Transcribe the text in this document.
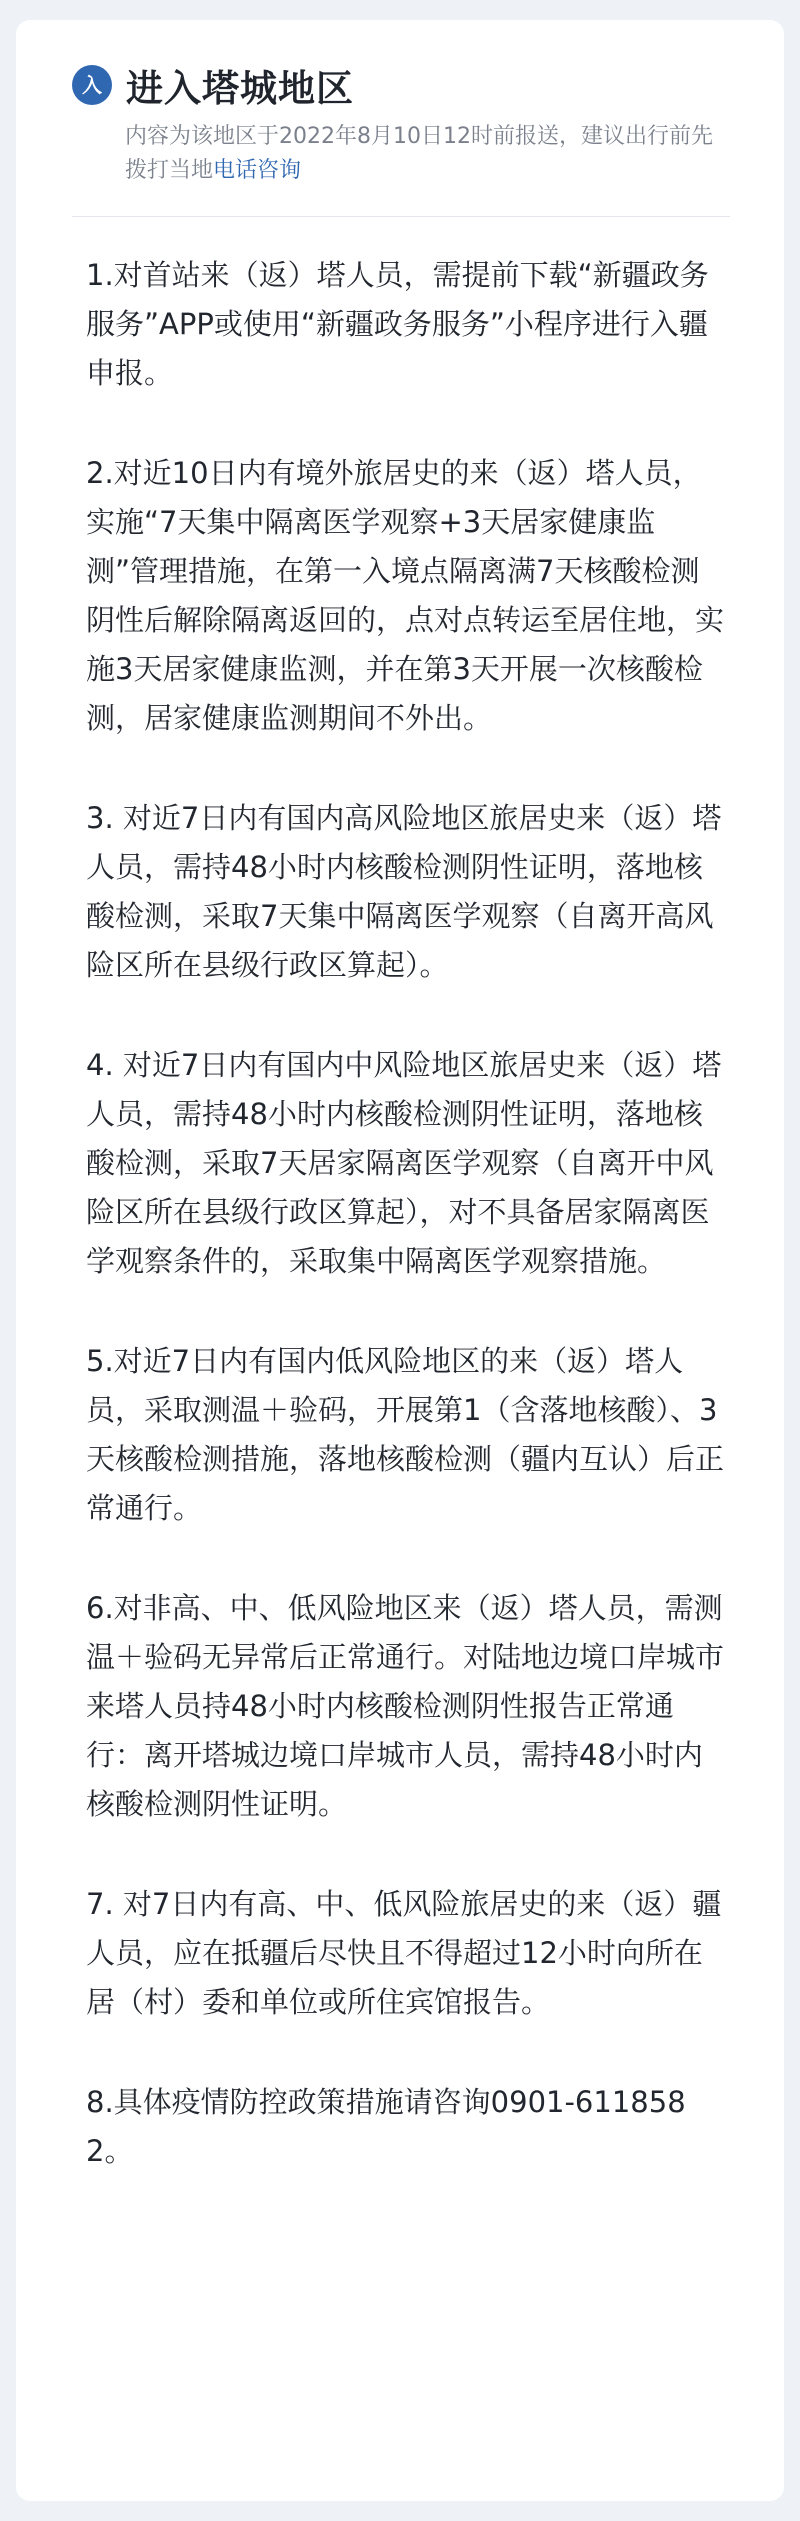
入 进入塔城地区
内容为该地区于2022年8月10日12时前报送，建议出行前先拨打当地电话咨询

1.对首站来（返）塔人员，需提前下载“新疆政务服务”APP或使用“新疆政务服务”小程序进行入疆申报。

2.对近10日内有境外旅居史的来（返）塔人员，实施“7天集中隔离医学观察+3天居家健康监测”管理措施，在第一入境点隔离满7天核酸检测阴性后解除隔离返回的，点对点转运至居住地，实施3天居家健康监测，并在第3天开展一次核酸检测，居家健康监测期间不外出。

3. 对近7日内有国内高风险地区旅居史来（返）塔人员，需持48小时内核酸检测阴性证明，落地核酸检测，采取7天集中隔离医学观察（自离开高风险区所在县级行政区算起）。

4. 对近7日内有国内中风险地区旅居史来（返）塔人员，需持48小时内核酸检测阴性证明，落地核酸检测，采取7天居家隔离医学观察（自离开中风险区所在县级行政区算起），对不具备居家隔离医学观察条件的，采取集中隔离医学观察措施。

5.对近7日内有国内低风险地区的来（返）塔人员，采取测温＋验码，开展第1（含落地核酸）、3天核酸检测措施，落地核酸检测（疆内互认）后正常通行。

6.对非高、中、低风险地区来（返）塔人员，需测温＋验码无异常后正常通行。对陆地边境口岸城市来塔人员持48小时内核酸检测阴性报告正常通行：离开塔城边境口岸城市人员，需持48小时内核酸检测阴性证明。

7. 对7日内有高、中、低风险旅居史的来（返）疆人员，应在抵疆后尽快且不得超过12小时向所在居（村）委和单位或所住宾馆报告。

8.具体疫情防控政策措施请咨询0901-6118582。
